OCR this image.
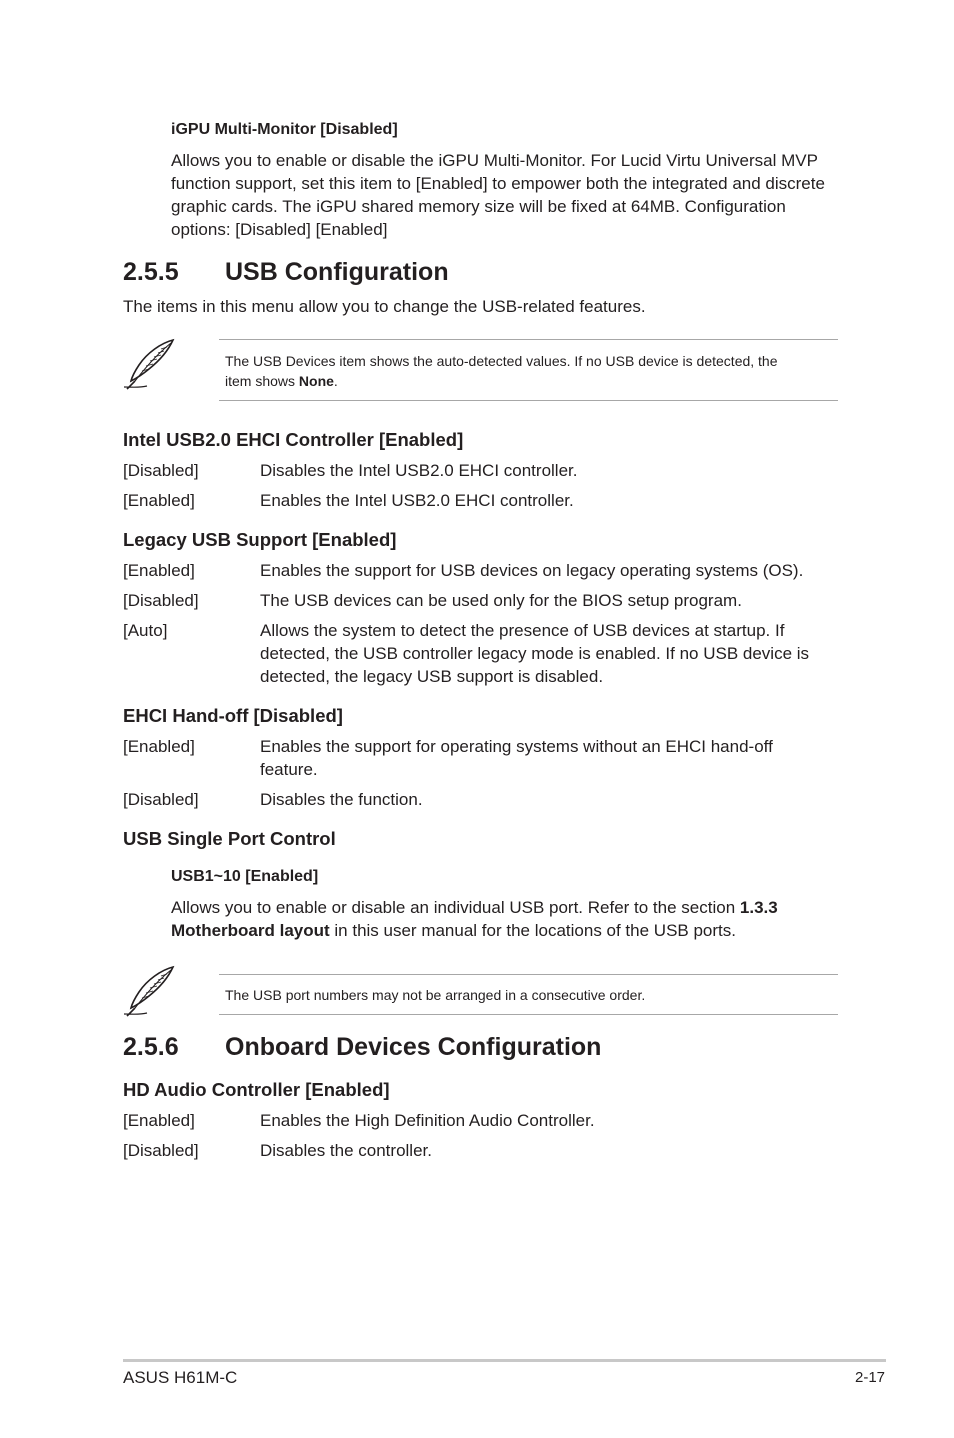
iGPU Multi-Monitor [Disabled]
Allows you to enable or disable the iGPU Multi-Monitor. For Lucid Virtu Universal MVP
function support, set this item to [Enabled] to empower both the integrated and discrete
graphic cards. The iGPU shared memory size will be fixed at 64MB. Configuration
options: [Disabled] [Enabled]
2.5.5 USB Configuration
The items in this menu allow you to change the USB-related features.
The USB Devices item shows the auto-detected values. If no USB device is detected, the
item shows None.
Intel USB2.0 EHCI Controller [Enabled]
[Disabled]	Disables the Intel USB2.0 EHCI controller.
[Enabled]	Enables the Intel USB2.0 EHCI controller.
Legacy USB Support [Enabled]
[Enabled]	Enables the support for USB devices on legacy operating systems (OS).
[Disabled]	The USB devices can be used only for the BIOS setup program.
[Auto]	Allows the system to detect the presence of USB devices at startup. If
detected, the USB controller legacy mode is enabled. If no USB device is
detected, the legacy USB support is disabled.
EHCI Hand-off [Disabled]
[Enabled]	Enables the support for operating systems without an EHCI hand-off
feature.
[Disabled]	Disables the function.
USB Single Port Control
USB1~10 [Enabled]
Allows you to enable or disable an individual USB port. Refer to the section 1.3.3
Motherboard layout in this user manual for the locations of the USB ports.
The USB port numbers may not be arranged in a consecutive order.
2.5.6 Onboard Devices Configuration
HD Audio Controller [Enabled]
[Enabled]	Enables the High Definition Audio Controller.
[Disabled]	Disables the controller.
ASUS H61M-C	2-17
